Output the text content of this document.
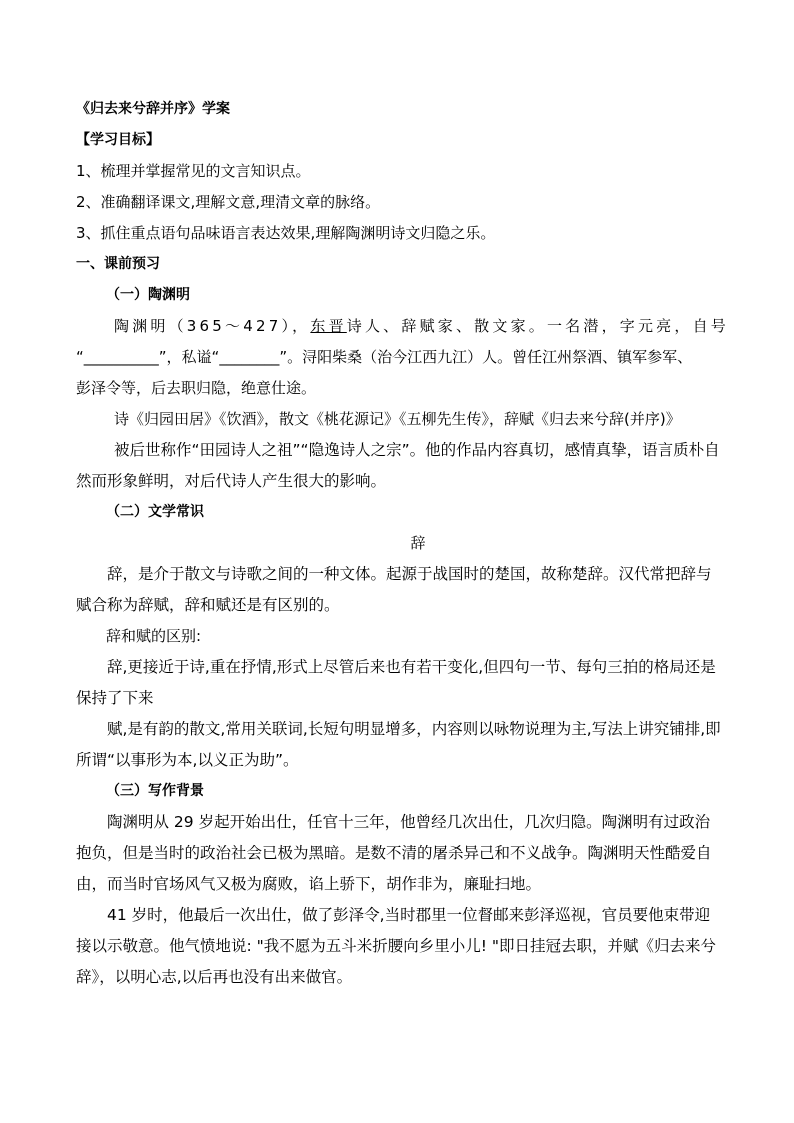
《归去来兮辞并序》学案
【学习目标】
1、梳理并掌握常见的文言知识点。
2、准确翻译课文,理解文意,理清文章的脉络。
3、抓住重点语句品味语言表达效果,理解陶渊明诗文归隐之乐。
一、课前预习
（一）陶渊明
陶渊明（365～427），东晋诗人、辞赋家、散文家。一名潜，字元亮，自号
“__________”，私谥“________”。浔阳柴桑（治今江西九江）人。曾任江州祭酒、镇军参军、
彭泽令等，后去职归隐，绝意仕途。
诗《归园田居》《饮酒》，散文《桃花源记》《五柳先生传》，辞赋《归去来兮辞(并序)》
被后世称作“田园诗人之祖”“隐逸诗人之宗”。他的作品内容真切，感情真挚，语言质朴自然而形象鲜明，对后代诗人产生很大的影响。
（二）文学常识
辞
辞，是介于散文与诗歌之间的一种文体。起源于战国时的楚国，故称楚辞。汉代常把辞与赋合称为辞赋，辞和赋还是有区别的。
辞和赋的区别:
辞,更接近于诗,重在抒情,形式上尽管后来也有若干变化,但四句一节、每句三拍的格局还是保持了下来
赋,是有韵的散文,常用关联词,长短句明显增多，内容则以咏物说理为主,写法上讲究铺排,即所谓“以事形为本,以义正为助”。
（三）写作背景
陶渊明从 29 岁起开始出仕，任官十三年，他曾经几次出仕，几次归隐。陶渊明有过政治抱负，但是当时的政治社会已极为黑暗。是数不清的屠杀异己和不义战争。陶渊明天性酷爱自由，而当时官场风气又极为腐败，谄上骄下，胡作非为，廉耻扫地。
41 岁时，他最后一次出仕，做了彭泽令,当时郡里一位督邮来彭泽巡视，官员要他束带迎接以示敬意。他气愤地说: "我不愿为五斗米折腰向乡里小儿! "即日挂冠去职，并赋《归去来兮辞》，以明心志,以后再也没有出来做官。
